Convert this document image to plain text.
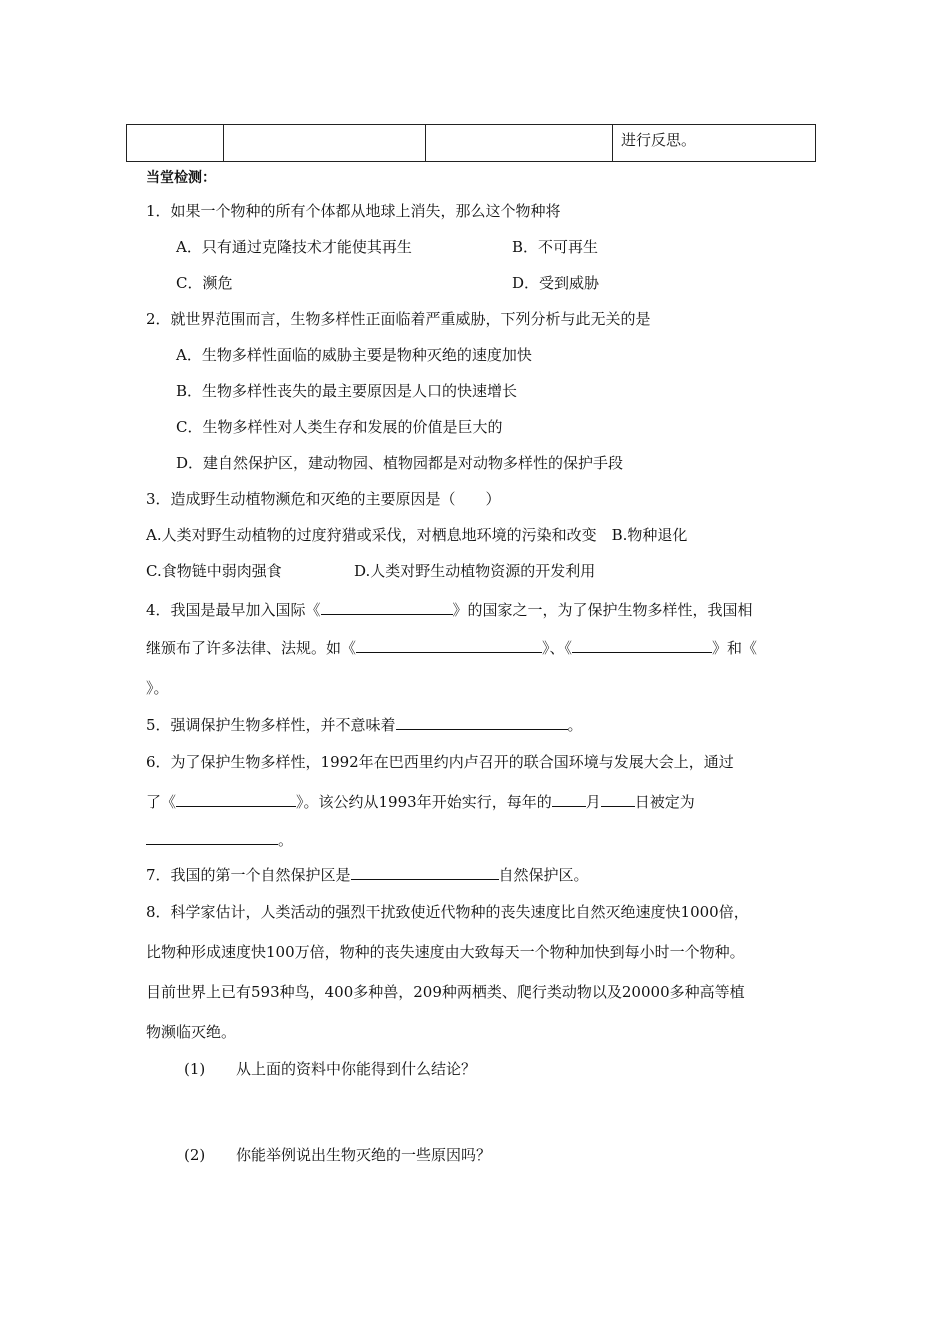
			进行反思。
当堂检测：
1．如果一个物种的所有个体都从地球上消失，那么这个物种将
A．只有通过克隆技术才能使其再生	B．不可再生
C．濒危	D．受到威胁
2．就世界范围而言，生物多样性正面临着严重威胁，下列分析与此无关的是
A．生物多样性面临的威胁主要是物种灭绝的速度加快
B．生物多样性丧失的最主要原因是人口的快速增长
C．生物多样性对人类生存和发展的价值是巨大的
D．建自然保护区，建动物园、植物园都是对动物多样性的保护手段
3．造成野生动植物濒危和灭绝的主要原因是（　　）
A.人类对野生动植物的过度狩猎或采伐，对栖息地环境的污染和改变　B.物种退化
C.食物链中弱肉强食	D.人类对野生动植物资源的开发利用
4．我国是最早加入国际《	》的国家之一，为了保护生物多样性，我国相
继颁布了许多法律、法规。如《	》、《	》和《
》。
5．强调保护生物多样性，并不意味着	。
6．为了保护生物多样性，1992年在巴西里约内卢召开的联合国环境与发展大会上，通过
了《	》。该公约从1993年开始实行，每年的 月 日被定为
。
7．我国的第一个自然保护区是	自然保护区。
8．科学家估计，人类活动的强烈干扰致使近代物种的丧失速度比自然灭绝速度快1000倍，
比物种形成速度快100万倍，物种的丧失速度由大致每天一个物种加快到每小时一个物种。
目前世界上已有593种鸟，400多种兽，209种两栖类、爬行类动物以及20000多种高等植
物濒临灭绝。
(1) 从上面的资料中你能得到什么结论？
(2) 你能举例说出生物灭绝的一些原因吗？
